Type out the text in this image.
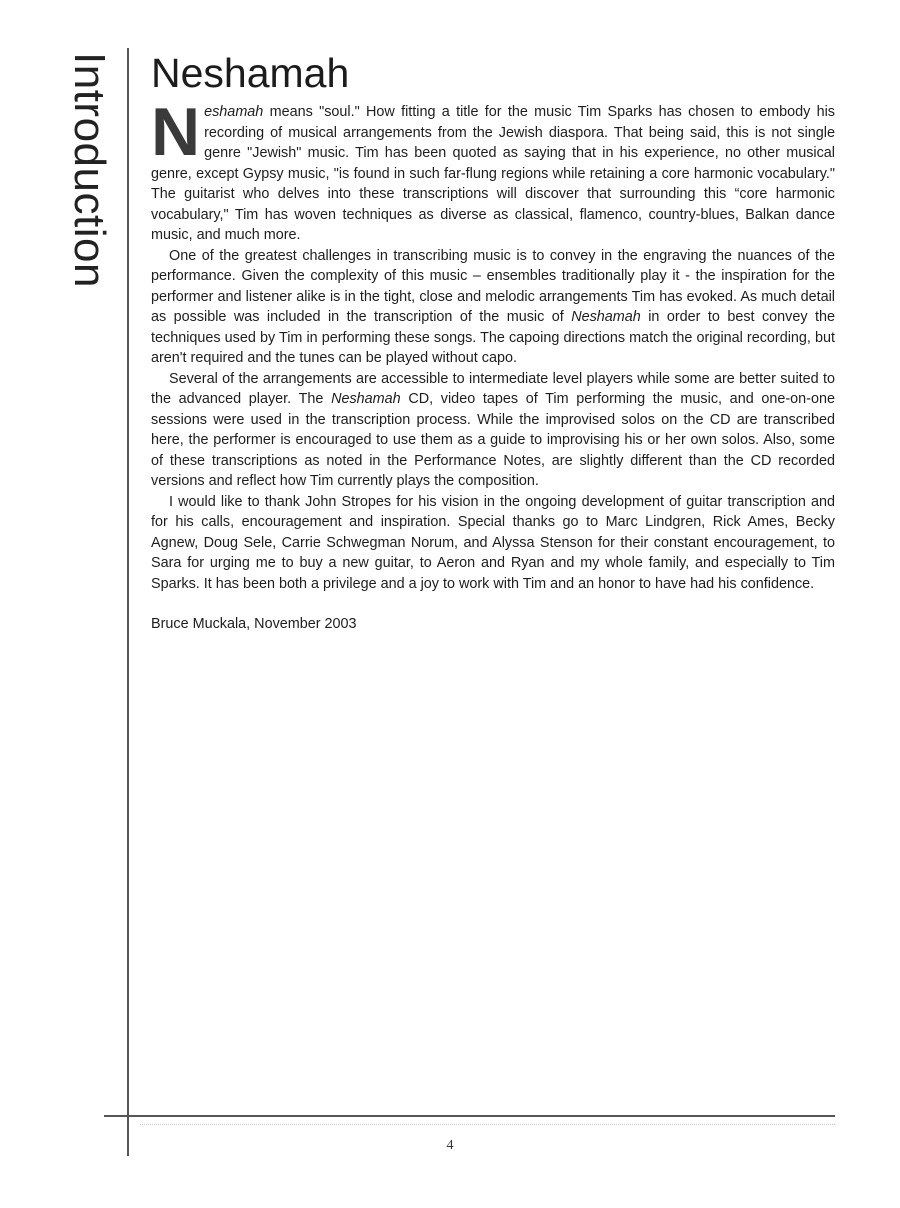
Introduction Neshamah

Neshamah means "soul." How fitting a title for the music Tim Sparks has chosen to embody his recording of musical arrangements from the Jewish diaspora. That being said, this is not single genre "Jewish" music. Tim has been quoted as saying that in his experience, no other musical genre, except Gypsy music, "is found in such far-flung regions while retaining a core harmonic vocabulary." The guitarist who delves into these transcriptions will discover that surrounding this “core harmonic vocabulary," Tim has woven techniques as diverse as classical, flamenco, country-blues, Balkan dance music, and much more.

One of the greatest challenges in transcribing music is to convey in the engraving the nuances of the performance. Given the complexity of this music – ensembles traditionally play it - the inspiration for the performer and listener alike is in the tight, close and melodic arrangements Tim has evoked. As much detail as possible was included in the transcription of the music of Neshamah in order to best convey the techniques used by Tim in performing these songs. The capoing directions match the original recording, but aren't required and the tunes can be played without capo.

Several of the arrangements are accessible to intermediate level players while some are better suited to the advanced player. The Neshamah CD, video tapes of Tim performing the music, and one-on-one sessions were used in the transcription process. While the improvised solos on the CD are transcribed here, the performer is encouraged to use them as a guide to improvising his or her own solos. Also, some of these transcriptions as noted in the Performance Notes, are slightly different than the CD recorded versions and reflect how Tim currently plays the composition.

I would like to thank John Stropes for his vision in the ongoing development of guitar transcription and for his calls, encouragement and inspiration. Special thanks go to Marc Lindgren, Rick Ames, Becky Agnew, Doug Sele, Carrie Schwegman Norum, and Alyssa Stenson for their constant encouragement, to Sara for urging me to buy a new guitar, to Aeron and Ryan and my whole family, and especially to Tim Sparks. It has been both a privilege and a joy to work with Tim and an honor to have had his confidence.

Bruce Muckala, November 2003

4
